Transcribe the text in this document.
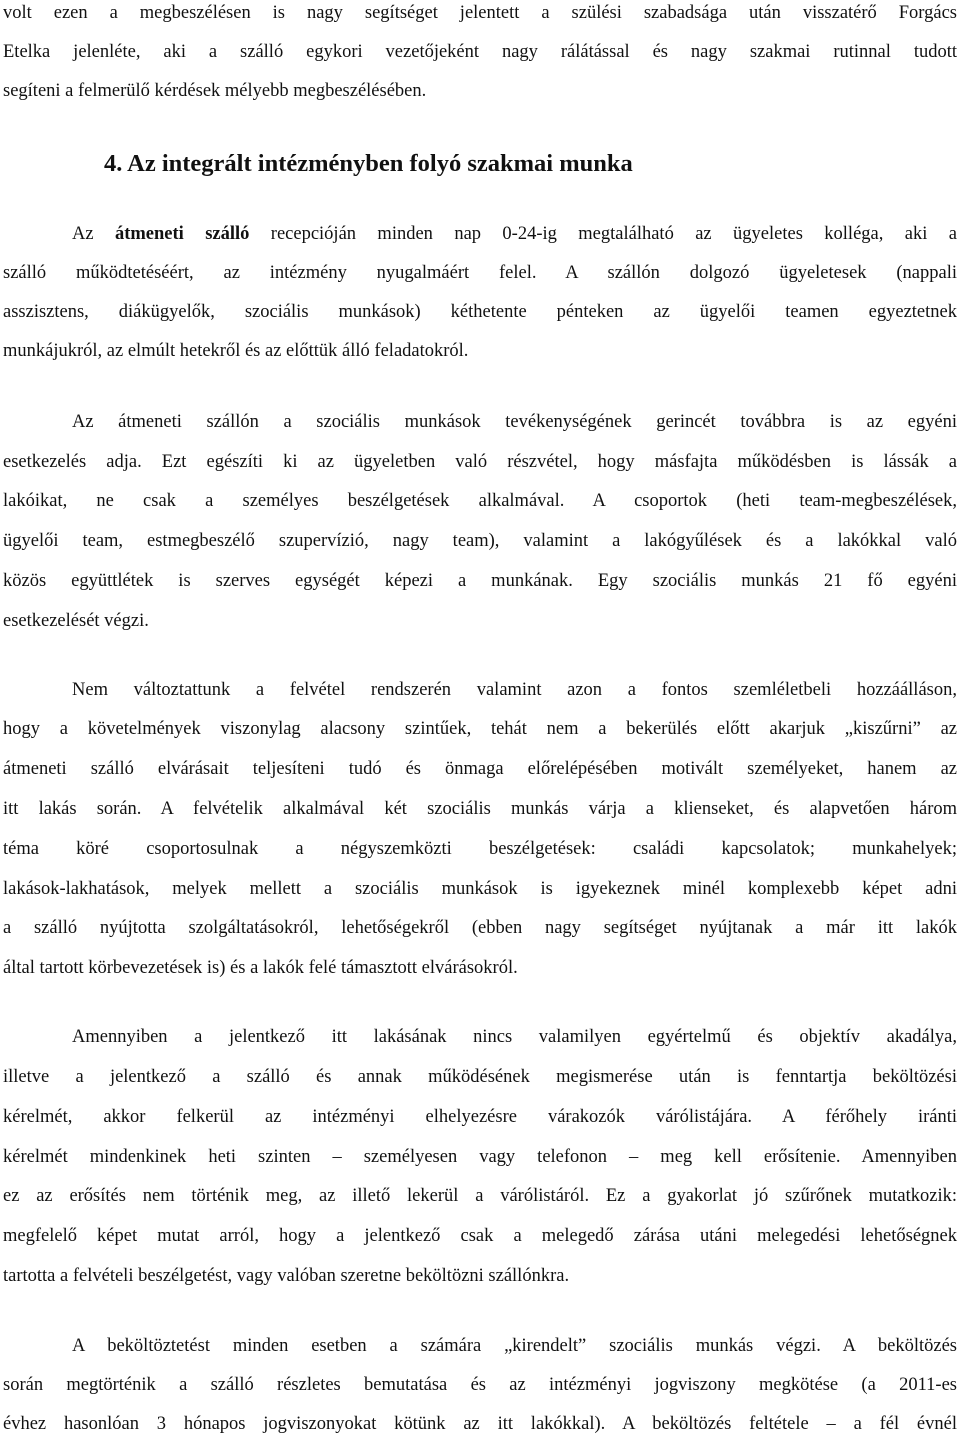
volt ezen a megbeszélésen is nagy segítséget jelentett a szülési szabadsága után visszatérő Forgács
Etelka jelenléte, aki a szálló egykori vezetőjeként nagy rálátással és nagy szakmai rutinnal tudott
segíteni a felmerülő kérdések mélyebb megbeszélésében.
4. Az integrált intézményben folyó szakmai munka
Az átmeneti szálló recepcióján minden nap 0-24-ig megtalálható az ügyeletes kolléga, aki a
szálló működtetéséért, az intézmény nyugalmáért felel. A szállón dolgozó ügyeletesek (nappali
asszisztens, diákügyelők, szociális munkások) kéthetente pénteken az ügyelői teamen egyeztetnek
munkájukról, az elmúlt hetekről és az előttük álló feladatokról.
Az átmeneti szállón a szociális munkások tevékenységének gerincét továbbra is az egyéni
esetkezelés adja. Ezt egészíti ki az ügyeletben való részvétel, hogy másfajta működésben is lássák a
lakóikat, ne csak a személyes beszélgetések alkalmával. A csoportok (heti team-megbeszélések,
ügyelői team, estmegbeszélő szupervízió, nagy team), valamint a lakógyűlések és a lakókkal való
közös együttlétek is szerves egységét képezi a munkának. Egy szociális munkás 21 fő egyéni
esetkezelését végzi.
Nem változtattunk a felvétel rendszerén valamint azon a fontos szemléletbeli hozzáálláson,
hogy a követelmények viszonylag alacsony szintűek, tehát nem a bekerülés előtt akarjuk „kiszűrni” az
átmeneti szálló elvárásait teljesíteni tudó és önmaga előrelépésében motivált személyeket, hanem az
itt lakás során. A felvételik alkalmával két szociális munkás várja a klienseket, és alapvetően három
téma köré csoportosulnak a négyszemközti beszélgetések: családi kapcsolatok; munkahelyek;
lakások-lakhatások, melyek mellett a szociális munkások is igyekeznek minél komplexebb képet adni
a szálló nyújtotta szolgáltatásokról, lehetőségekről (ebben nagy segítséget nyújtanak a már itt lakók
által tartott körbevezetések is) és a lakók felé támasztott elvárásokról.
Amennyiben a jelentkező itt lakásának nincs valamilyen egyértelmű és objektív akadálya,
illetve a jelentkező a szálló és annak működésének megismerése után is fenntartja beköltözési
kérelmét, akkor felkerül az intézményi elhelyezésre várakozók várólistájára. A férőhely iránti
kérelmét mindenkinek heti szinten – személyesen vagy telefonon – meg kell erősítenie. Amennyiben
ez az erősítés nem történik meg, az illető lekerül a várólistáról. Ez a gyakorlat jó szűrőnek mutatkozik:
megfelelő képet mutat arról, hogy a jelentkező csak a melegedő zárása utáni melegedési lehetőségnek
tartotta a felvételi beszélgetést, vagy valóban szeretne beköltözni szállónkra.
A beköltöztetést minden esetben a számára „kirendelt” szociális munkás végzi. A beköltözés
során megtörténik a szálló részletes bemutatása és az intézményi jogviszony megkötése (a 2011-es
évhez hasonlóan 3 hónapos jogviszonyokat kötünk az itt lakókkal). A beköltözés feltétele – a fél évnél
